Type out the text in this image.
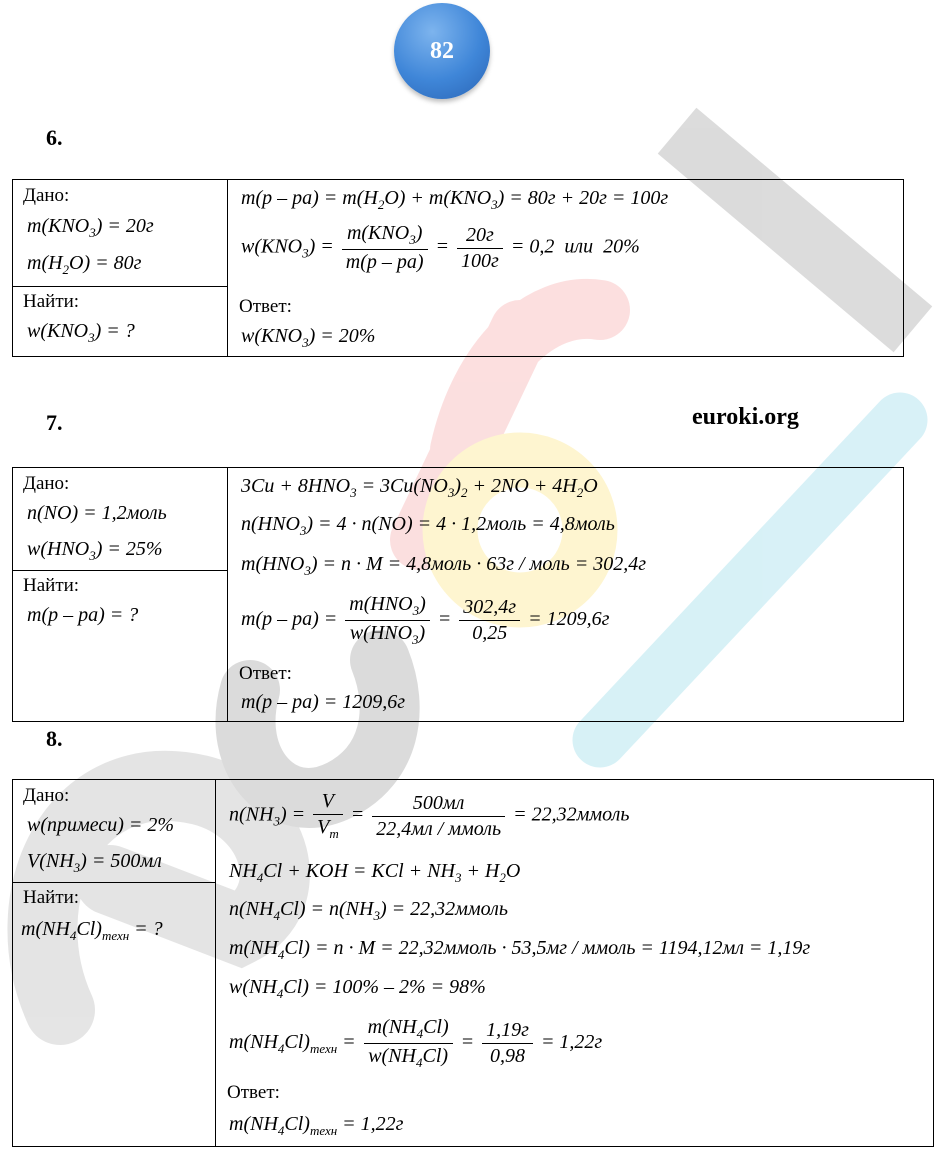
82
6.
7.	euroki.org
8.
Дано:
$m(KNO_3) = 20г$
$m(H_2O) = 80г$
Найти:
$w(KNO_3)$ = ?
$m(р - ра) = m(H_2O) + m(KNO_3) = 80г + 20г = 100г$
$w(KNO_3) = \frac{m(KNO_3)}{m(р - ра)} = \frac{20г}{100г} = 0,2$  или  20%
Ответ:
$w(KNO_3) = 20\%$
Дано:
n(NO) = 1,2моль
$w(HNO_3) = 25\%$
Найти:
m(р – ра) = ?
$3Cu + 8HNO_3 = 3Cu(NO_3)_2 + 2NO + 4H_2O$
$n(HNO_3) = 4 \cdot n(NO) = 4$ · 1,2моль = 4,8моль
$m(HNO_3) = n \cdot M$ = 4,8моль · 63г / моль = 302,4г
$m(р - ра) = \frac{m(HNO_3)}{w(HNO_3)} = \frac{302,4г}{0,25} = 1209,6г$
Ответ:
m(р – ра) = 1209,6г
Дано:
w(примеси) = 2%
$V(NH_3) = 500мл$
Найти:
$m(NH_4Cl)_{техн}$ = ?
$n(NH_3) = \frac{V}{V_m} = \frac{500мл}{\text{22,4мл / ммоль}}$ = 22,32ммоль
$NH_4Cl$ + KOH = KCl + $NH_3 + H_2O$
$n(NH_4Cl) = n(NH_3)$ = 22,32ммоль
$m(NH_4Cl) = n \cdot M$ = 22,32ммоль · 53,5мг / ммоль = 1194,12мл = 1,19г
$w(NH_4Cl) = 100\% - 2\% = 98\%$
$m(NH_4Cl)_{техн} = \frac{m(NH_4Cl)}{w(NH_4Cl)} = \frac{1,19г}{0,98} = 1,22г$
Ответ:
$m(NH_4Cl)_{техн} = 1,22г$
